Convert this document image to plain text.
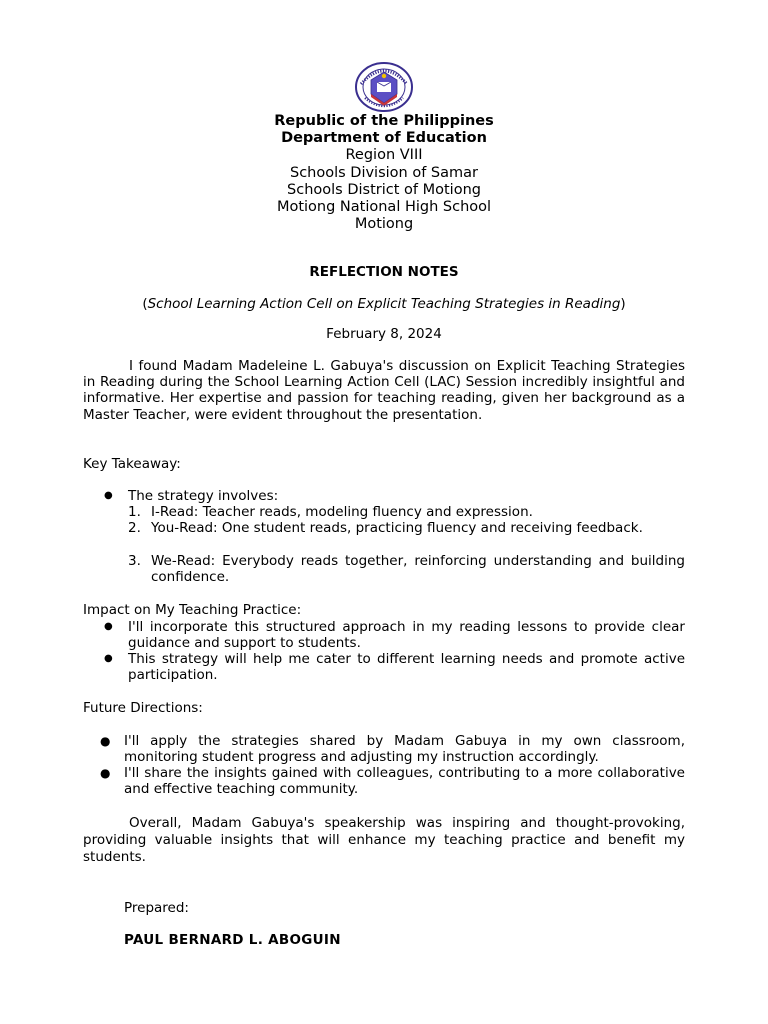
Republic of the Philippines
Department of Education
Region VIII
Schools Division of Samar
Schools District of Motiong
Motiong National High School
Motiong
REFLECTION NOTES
(School Learning Action Cell on Explicit Teaching Strategies in Reading)
February 8, 2024

I found Madam Madeleine L. Gabuya's discussion on Explicit Teaching Strategies in Reading during the School Learning Action Cell (LAC) Session incredibly insightful and informative. Her expertise and passion for teaching reading, given her background as a Master Teacher, were evident throughout the presentation.

Key Takeaway:
● The strategy involves:
1. I-Read: Teacher reads, modeling fluency and expression.
2. You-Read: One student reads, practicing fluency and receiving feedback.
3. We-Read: Everybody reads together, reinforcing understanding and building confidence.
Impact on My Teaching Practice:
● I'll incorporate this structured approach in my reading lessons to provide clear guidance and support to students.
● This strategy will help me cater to different learning needs and promote active participation.
Future Directions:
● I'll apply the strategies shared by Madam Gabuya in my own classroom, monitoring student progress and adjusting my instruction accordingly.
● I'll share the insights gained with colleagues, contributing to a more collaborative and effective teaching community.

Overall, Madam Gabuya's speakership was inspiring and thought-provoking, providing valuable insights that will enhance my teaching practice and benefit my students.

Prepared:
PAUL BERNARD L. ABOGUIN
